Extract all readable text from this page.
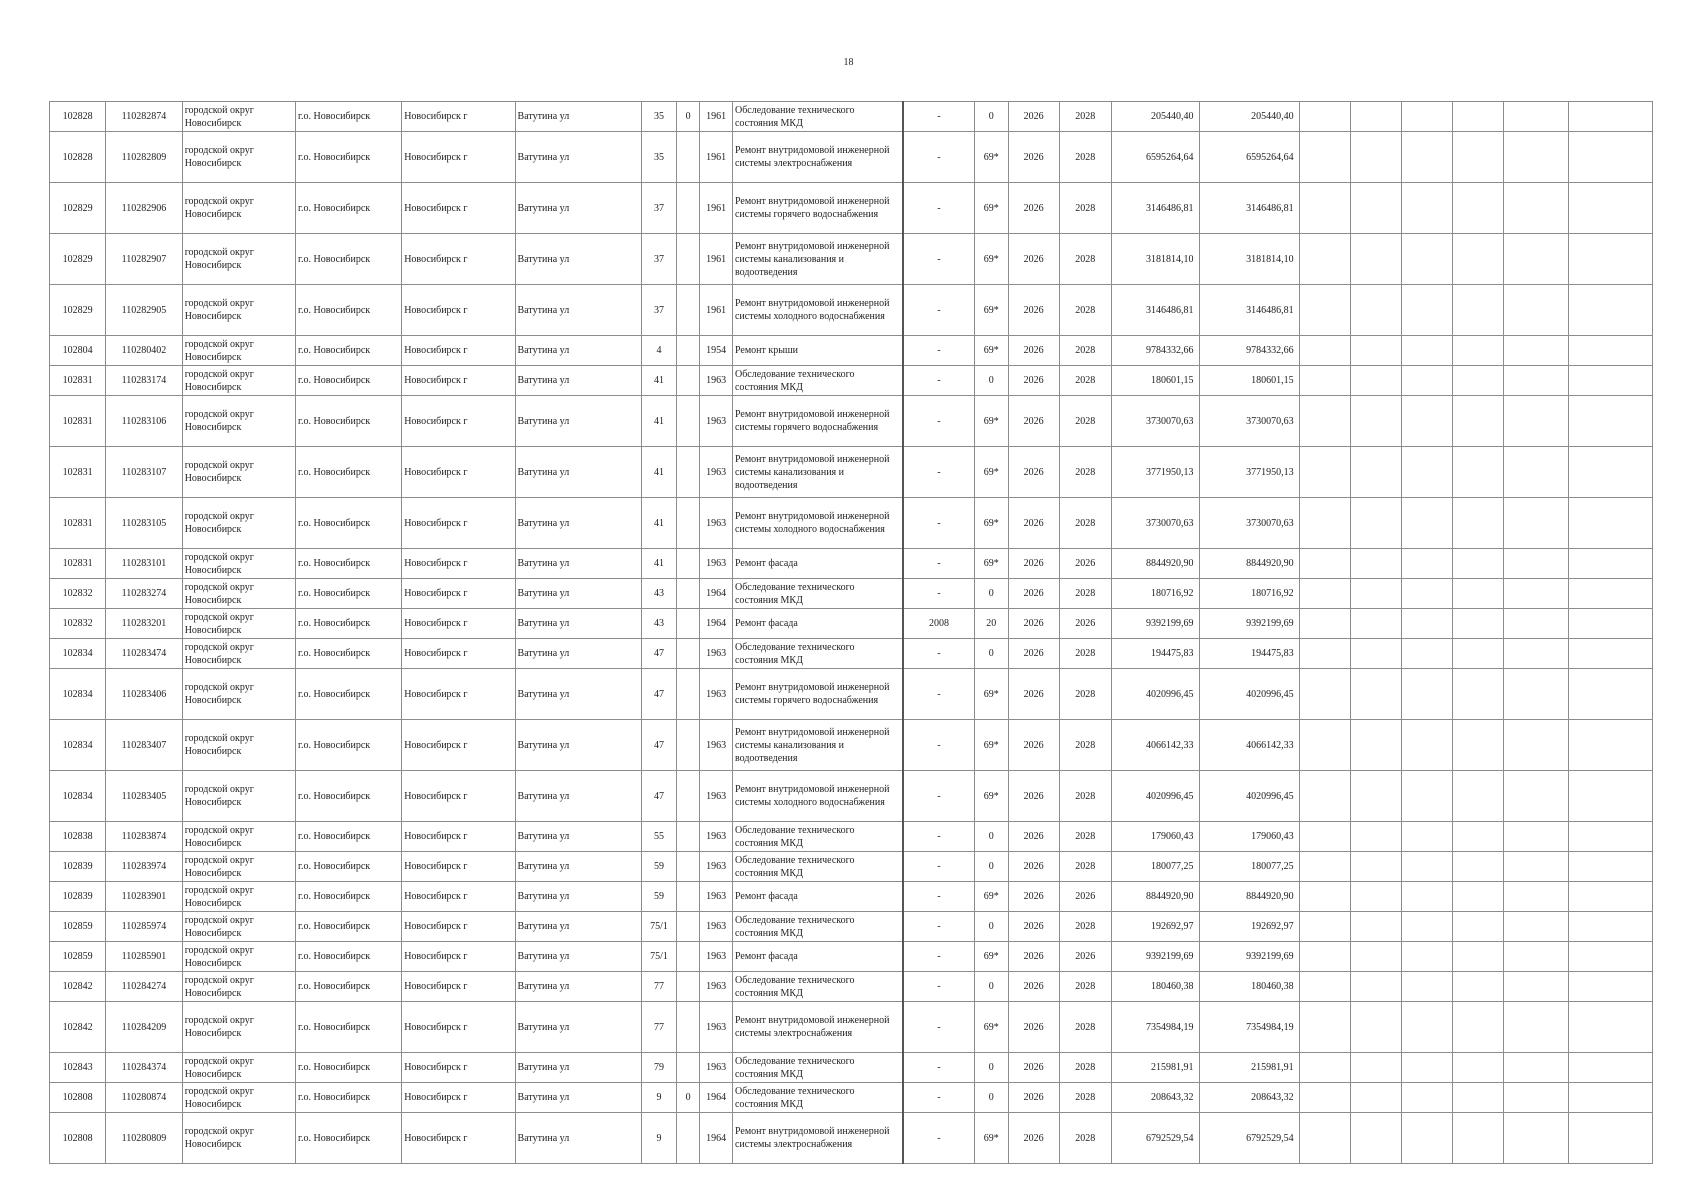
18
102828	110282874	городской округ Новосибирск	г.о. Новосибирск	Новосибирск г	Ватутина ул	35	0	1961	Обследование технического состояния МКД	-	0	2026	2028	205440,40	205440,40						
102828	110282809	городской округ Новосибирск	г.о. Новосибирск	Новосибирск г	Ватутина ул	35		1961	Ремонт внутридомовой инженерной системы электроснабжения	-	69*	2026	2028	6595264,64	6595264,64						
102829	110282906	городской округ Новосибирск	г.о. Новосибирск	Новосибирск г	Ватутина ул	37		1961	Ремонт внутридомовой инженерной системы горячего водоснабжения	-	69*	2026	2028	3146486,81	3146486,81						
102829	110282907	городской округ Новосибирск	г.о. Новосибирск	Новосибирск г	Ватутина ул	37		1961	Ремонт внутридомовой инженерной системы канализования и водоотведения	-	69*	2026	2028	3181814,10	3181814,10						
102829	110282905	городской округ Новосибирск	г.о. Новосибирск	Новосибирск г	Ватутина ул	37		1961	Ремонт внутридомовой инженерной системы холодного водоснабжения	-	69*	2026	2028	3146486,81	3146486,81						
102804	110280402	городской округ Новосибирск	г.о. Новосибирск	Новосибирск г	Ватутина ул	4		1954	Ремонт крыши	-	69*	2026	2028	9784332,66	9784332,66						
102831	110283174	городской округ Новосибирск	г.о. Новосибирск	Новосибирск г	Ватутина ул	41		1963	Обследование технического состояния МКД	-	0	2026	2028	180601,15	180601,15						
102831	110283106	городской округ Новосибирск	г.о. Новосибирск	Новосибирск г	Ватутина ул	41		1963	Ремонт внутридомовой инженерной системы горячего водоснабжения	-	69*	2026	2028	3730070,63	3730070,63						
102831	110283107	городской округ Новосибирск	г.о. Новосибирск	Новосибирск г	Ватутина ул	41		1963	Ремонт внутридомовой инженерной системы канализования и водоотведения	-	69*	2026	2028	3771950,13	3771950,13						
102831	110283105	городской округ Новосибирск	г.о. Новосибирск	Новосибирск г	Ватутина ул	41		1963	Ремонт внутридомовой инженерной системы холодного водоснабжения	-	69*	2026	2028	3730070,63	3730070,63						
102831	110283101	городской округ Новосибирск	г.о. Новосибирск	Новосибирск г	Ватутина ул	41		1963	Ремонт фасада	-	69*	2026	2026	8844920,90	8844920,90						
102832	110283274	городской округ Новосибирск	г.о. Новосибирск	Новосибирск г	Ватутина ул	43		1964	Обследование технического состояния МКД	-	0	2026	2028	180716,92	180716,92						
102832	110283201	городской округ Новосибирск	г.о. Новосибирск	Новосибирск г	Ватутина ул	43		1964	Ремонт фасада	2008	20	2026	2026	9392199,69	9392199,69						
102834	110283474	городской округ Новосибирск	г.о. Новосибирск	Новосибирск г	Ватутина ул	47		1963	Обследование технического состояния МКД	-	0	2026	2028	194475,83	194475,83						
102834	110283406	городской округ Новосибирск	г.о. Новосибирск	Новосибирск г	Ватутина ул	47		1963	Ремонт внутридомовой инженерной системы горячего водоснабжения	-	69*	2026	2028	4020996,45	4020996,45						
102834	110283407	городской округ Новосибирск	г.о. Новосибирск	Новосибирск г	Ватутина ул	47		1963	Ремонт внутридомовой инженерной системы канализования и водоотведения	-	69*	2026	2028	4066142,33	4066142,33						
102834	110283405	городской округ Новосибирск	г.о. Новосибирск	Новосибирск г	Ватутина ул	47		1963	Ремонт внутридомовой инженерной системы холодного водоснабжения	-	69*	2026	2028	4020996,45	4020996,45						
102838	110283874	городской округ Новосибирск	г.о. Новосибирск	Новосибирск г	Ватутина ул	55		1963	Обследование технического состояния МКД	-	0	2026	2028	179060,43	179060,43						
102839	110283974	городской округ Новосибирск	г.о. Новосибирск	Новосибирск г	Ватутина ул	59		1963	Обследование технического состояния МКД	-	0	2026	2028	180077,25	180077,25						
102839	110283901	городской округ Новосибирск	г.о. Новосибирск	Новосибирск г	Ватутина ул	59		1963	Ремонт фасада	-	69*	2026	2026	8844920,90	8844920,90						
102859	110285974	городской округ Новосибирск	г.о. Новосибирск	Новосибирск г	Ватутина ул	75/1		1963	Обследование технического состояния МКД	-	0	2026	2028	192692,97	192692,97						
102859	110285901	городской округ Новосибирск	г.о. Новосибирск	Новосибирск г	Ватутина ул	75/1		1963	Ремонт фасада	-	69*	2026	2026	9392199,69	9392199,69						
102842	110284274	городской округ Новосибирск	г.о. Новосибирск	Новосибирск г	Ватутина ул	77		1963	Обследование технического состояния МКД	-	0	2026	2028	180460,38	180460,38						
102842	110284209	городской округ Новосибирск	г.о. Новосибирск	Новосибирск г	Ватутина ул	77		1963	Ремонт внутридомовой инженерной системы электроснабжения	-	69*	2026	2028	7354984,19	7354984,19						
102843	110284374	городской округ Новосибирск	г.о. Новосибирск	Новосибирск г	Ватутина ул	79		1963	Обследование технического состояния МКД	-	0	2026	2028	215981,91	215981,91						
102808	110280874	городской округ Новосибирск	г.о. Новосибирск	Новосибирск г	Ватутина ул	9	0	1964	Обследование технического состояния МКД	-	0	2026	2028	208643,32	208643,32						
102808	110280809	городской округ Новосибирск	г.о. Новосибирск	Новосибирск г	Ватутина ул	9		1964	Ремонт внутридомовой инженерной системы электроснабжения	-	69*	2026	2028	6792529,54	6792529,54						
